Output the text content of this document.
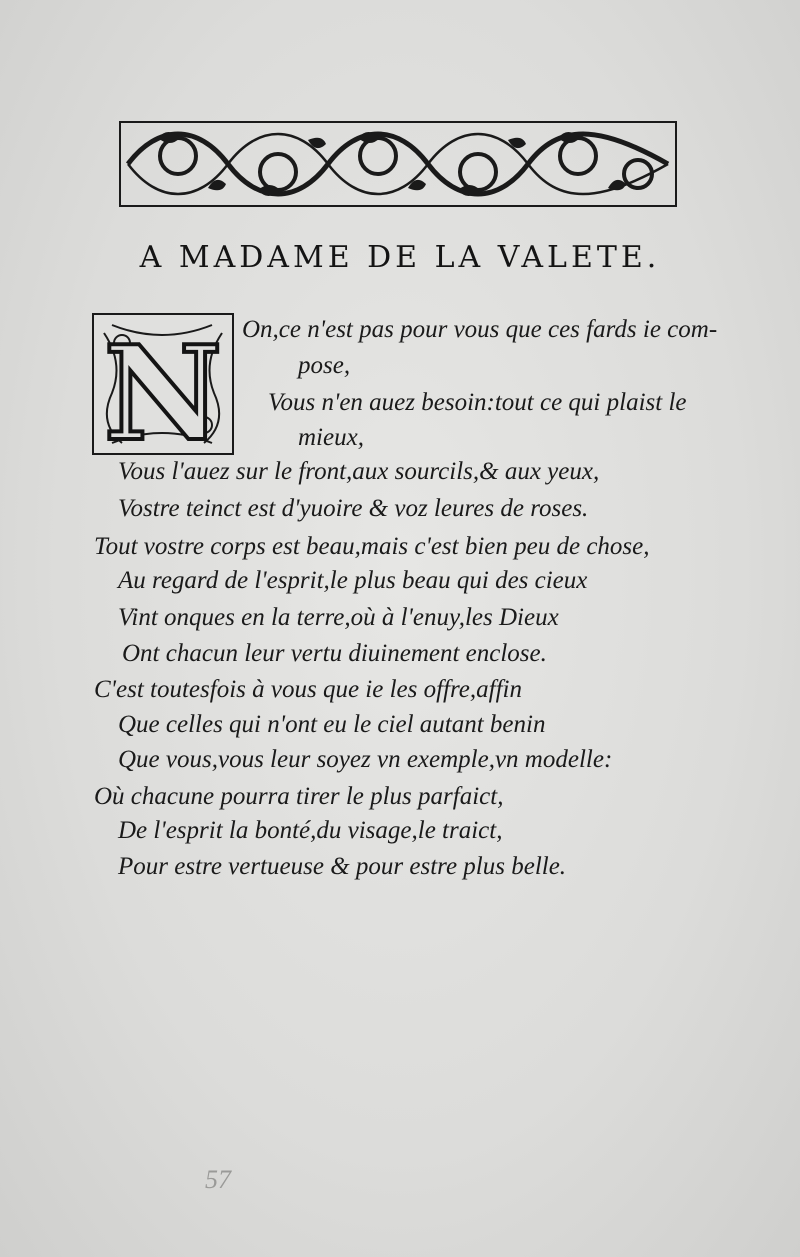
A MADAME DE LA VALETE.
N On,ce n'est pas pour vous que ces fards ie com-
pose,
Vous n'en auez besoin:tout ce qui plaist le
mieux,
Vous l'auez sur le front,aux sourcils,& aux yeux,
Vostre teinct est d'yuoire & voz leures de roses.
Tout vostre corps est beau,mais c'est bien peu de chose,
Au regard de l'esprit,le plus beau qui des cieux
Vint onques en la terre,où à l'enuy,les Dieux
Ont chacun leur vertu diuinement enclose.
C'est toutesfois à vous que ie les offre,affin
Que celles qui n'ont eu le ciel autant benin
Que vous,vous leur soyez vn exemple,vn modelle:
Où chacune pourra tirer le plus parfaict,
De l'esprit la bonté,du visage,le traict,
Pour estre vertueuse & pour estre plus belle.
57
